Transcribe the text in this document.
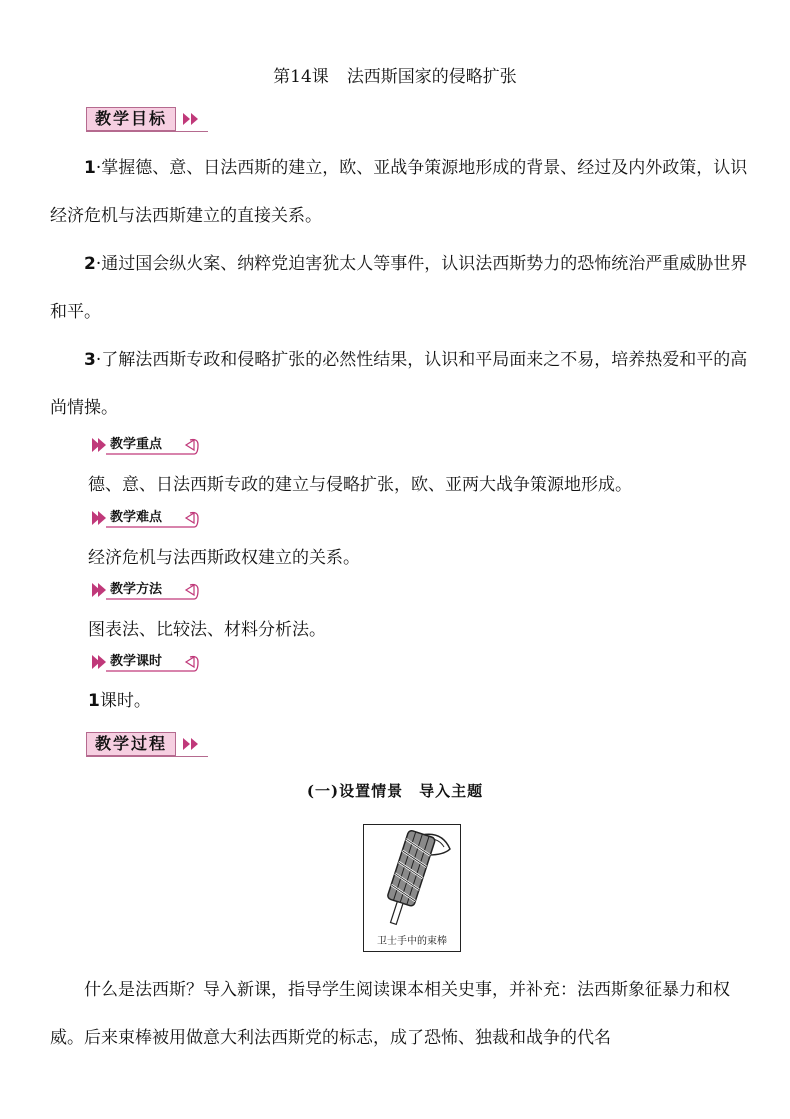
第14课 法西斯国家的侵略扩张
教学目标
1·掌握德、意、日法西斯的建立，欧、亚战争策源地形成的背景、经过及内外政策，认识经济危机与法西斯建立的直接关系。
2·通过国会纵火案、纳粹党迫害犹太人等事件，认识法西斯势力的恐怖统治严重威胁世界和平。
3·了解法西斯专政和侵略扩张的必然性结果，认识和平局面来之不易，培养热爱和平的高尚情操。
教学重点
德、意、日法西斯专政的建立与侵略扩张，欧、亚两大战争策源地形成。
教学难点
经济危机与法西斯政权建立的关系。
教学方法
图表法、比较法、材料分析法。
教学课时
1课时。
教学过程
(一)设置情景　导入主题
卫士手中的束棒
什么是法西斯？导入新课，指导学生阅读课本相关史事，并补充：法西斯象征暴力和权威。后来束棒被用做意大利法西斯党的标志，成了恐怖、独裁和战争的代名
